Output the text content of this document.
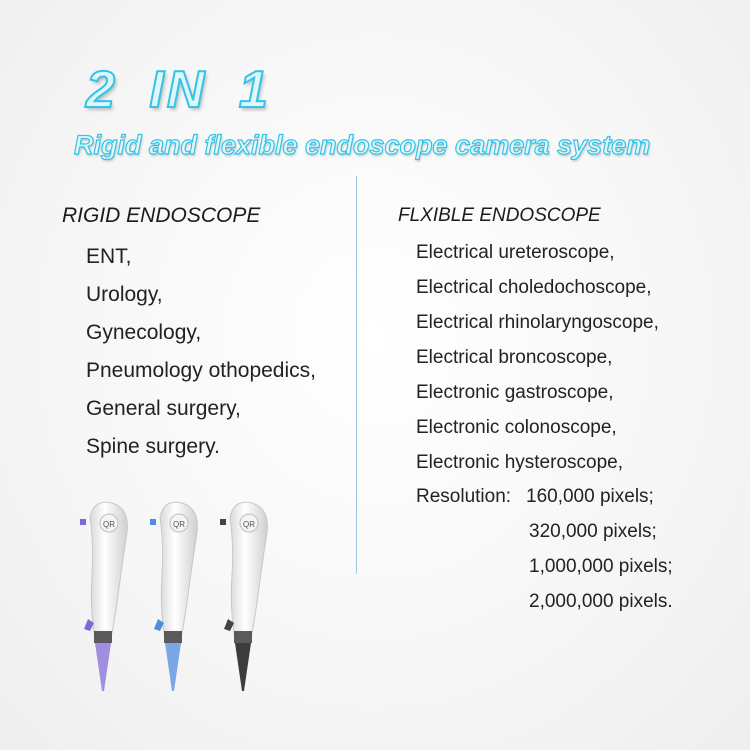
2 IN 1
Rigid and flexible endoscope camera system
RIGID ENDOSCOPE
ENT,
Urology,
Gynecology,
Pneumology othopedics,
General surgery,
Spine surgery.
FLXIBLE ENDOSCOPE
Electrical ureteroscope,
Electrical choledochoscope,
Electrical rhinolaryngoscope,
Electrical broncoscope,
Electronic gastroscope,
Electronic colonoscope,
Electronic hysteroscope,
Resolution: 160,000 pixels;
320,000 pixels;
1,000,000 pixels;
2,000,000 pixels.
QR	QR	QR
